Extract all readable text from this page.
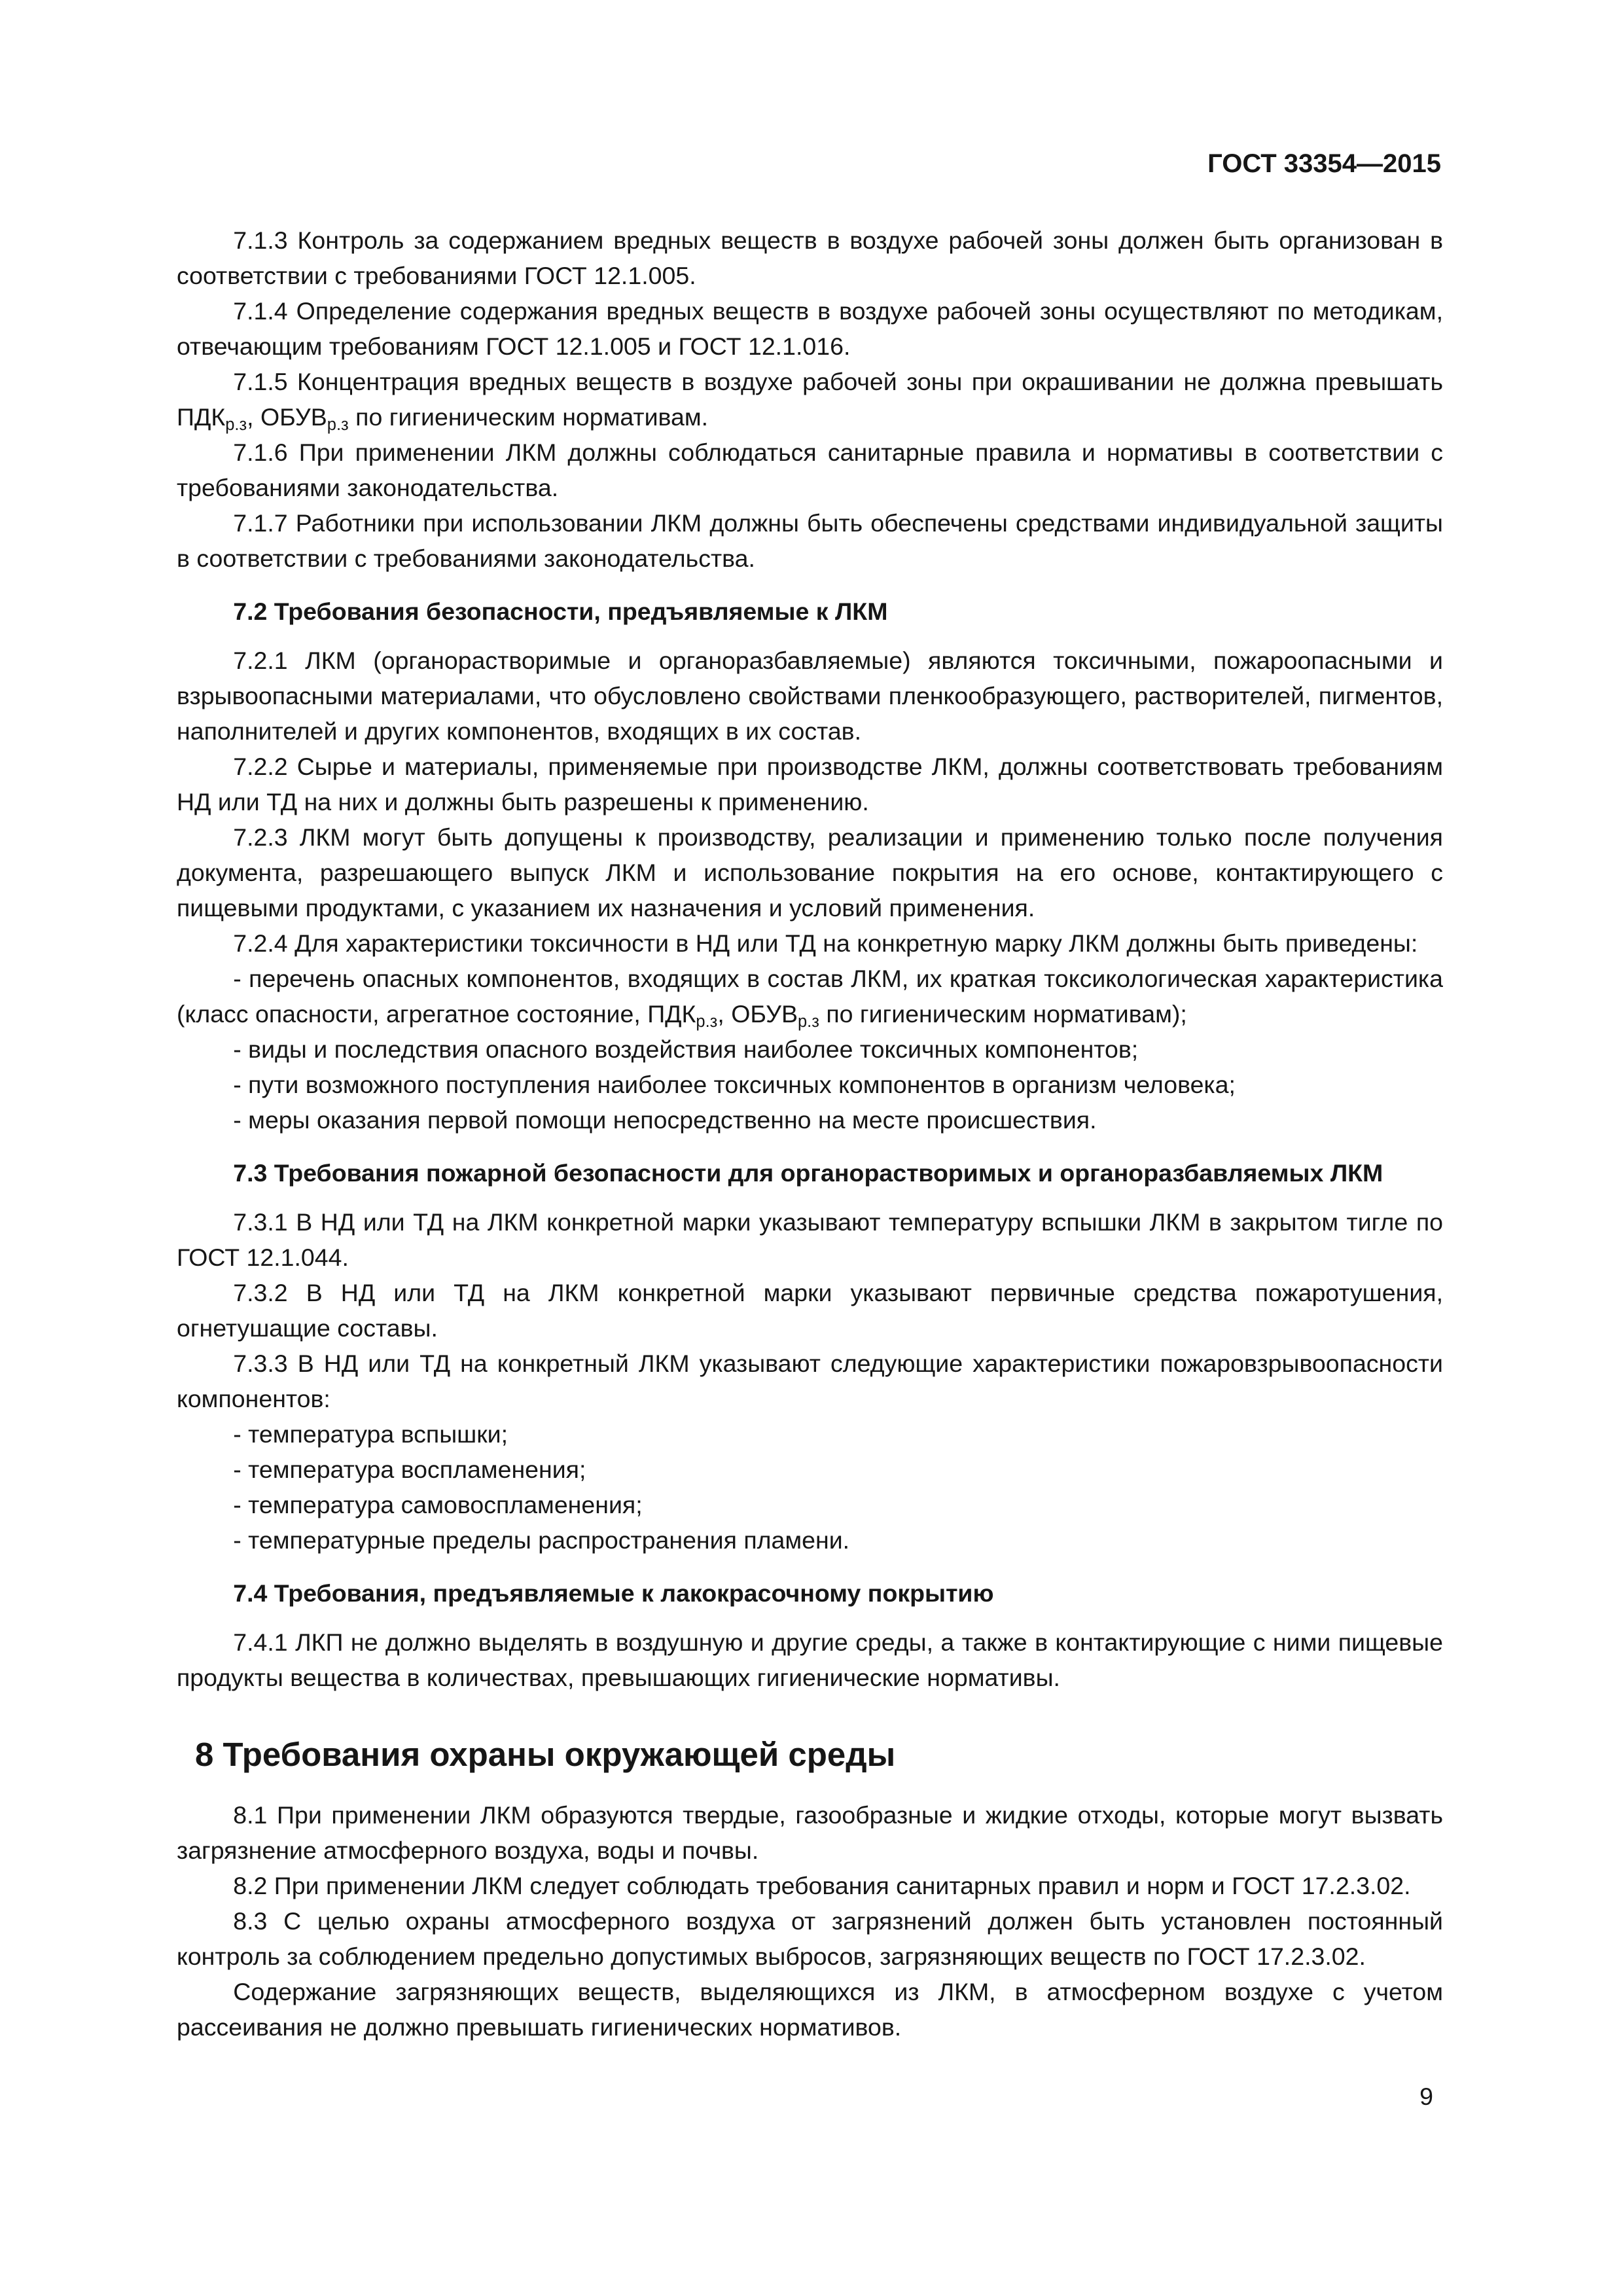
ГОСТ 33354—2015

7.1.3 Контроль за содержанием вредных веществ в воздухе рабочей зоны должен быть организован в соответствии с требованиями ГОСТ 12.1.005.

7.1.4 Определение содержания вредных веществ в воздухе рабочей зоны осуществляют по методикам, отвечающим требованиям ГОСТ 12.1.005 и ГОСТ 12.1.016.

7.1.5 Концентрация вредных веществ в воздухе рабочей зоны при окрашивании не должна превышать $ПДК_{р.з}$, $ОБУВ_{р.з}$ по гигиеническим нормативам.

7.1.6 При применении ЛКМ должны соблюдаться санитарные правила и нормативы в соответствии с требованиями законодательства.

7.1.7 Работники при использовании ЛКМ должны быть обеспечены средствами индивидуальной защиты в соответствии с требованиями законодательства.

7.2 Требования безопасности, предъявляемые к ЛКМ

7.2.1 ЛКМ (органорастворимые и органоразбавляемые) являются токсичными, пожароопасными и взрывоопасными материалами, что обусловлено свойствами пленкообразующего, растворителей, пигментов, наполнителей и других компонентов, входящих в их состав.

7.2.2 Сырье и материалы, применяемые при производстве ЛКМ, должны соответствовать требованиям НД или ТД на них и должны быть разрешены к применению.

7.2.3 ЛКМ могут быть допущены к производству, реализации и применению только после получения документа, разрешающего выпуск ЛКМ и использование покрытия на его основе, контактирующего с пищевыми продуктами, с указанием их назначения и условий применения.

7.2.4 Для характеристики токсичности в НД или ТД на конкретную марку ЛКМ должны быть приведены:

- перечень опасных компонентов, входящих в состав ЛКМ, их краткая токсикологическая характеристика (класс опасности, агрегатное состояние, $ПДК_{р.з}$, $ОБУВ_{р.з}$ по гигиеническим нормативам);

- виды и последствия опасного воздействия наиболее токсичных компонентов;

- пути возможного поступления наиболее токсичных компонентов в организм человека;

- меры оказания первой помощи непосредственно на месте происшествия.

7.3 Требования пожарной безопасности для органорастворимых и органоразбавляемых ЛКМ

7.3.1 В НД или ТД на ЛКМ конкретной марки указывают температуру вспышки ЛКМ в закрытом тигле по ГОСТ 12.1.044.

7.3.2 В НД или ТД на ЛКМ конкретной марки указывают первичные средства пожаротушения, огнетушащие составы.

7.3.3 В НД или ТД на конкретный ЛКМ указывают следующие характеристики пожаровзрывоопасности компонентов:

- температура вспышки;

- температура воспламенения;

- температура самовоспламенения;

- температурные пределы распространения пламени.

7.4 Требования, предъявляемые к лакокрасочному покрытию

7.4.1 ЛКП не должно выделять в воздушную и другие среды, а также в контактирующие с ними пищевые продукты вещества в количествах, превышающих гигиенические нормативы.

8 Требования охраны окружающей среды

8.1 При применении ЛКМ образуются твердые, газообразные и жидкие отходы, которые могут вызвать загрязнение атмосферного воздуха, воды и почвы.

8.2 При применении ЛКМ следует соблюдать требования санитарных правил и норм и ГОСТ 17.2.3.02.

8.3 С целью охраны атмосферного воздуха от загрязнений должен быть установлен постоянный контроль за соблюдением предельно допустимых выбросов, загрязняющих веществ по ГОСТ 17.2.3.02.

Содержание загрязняющих веществ, выделяющихся из ЛКМ, в атмосферном воздухе с учетом рассеивания не должно превышать гигиенических нормативов.

9
